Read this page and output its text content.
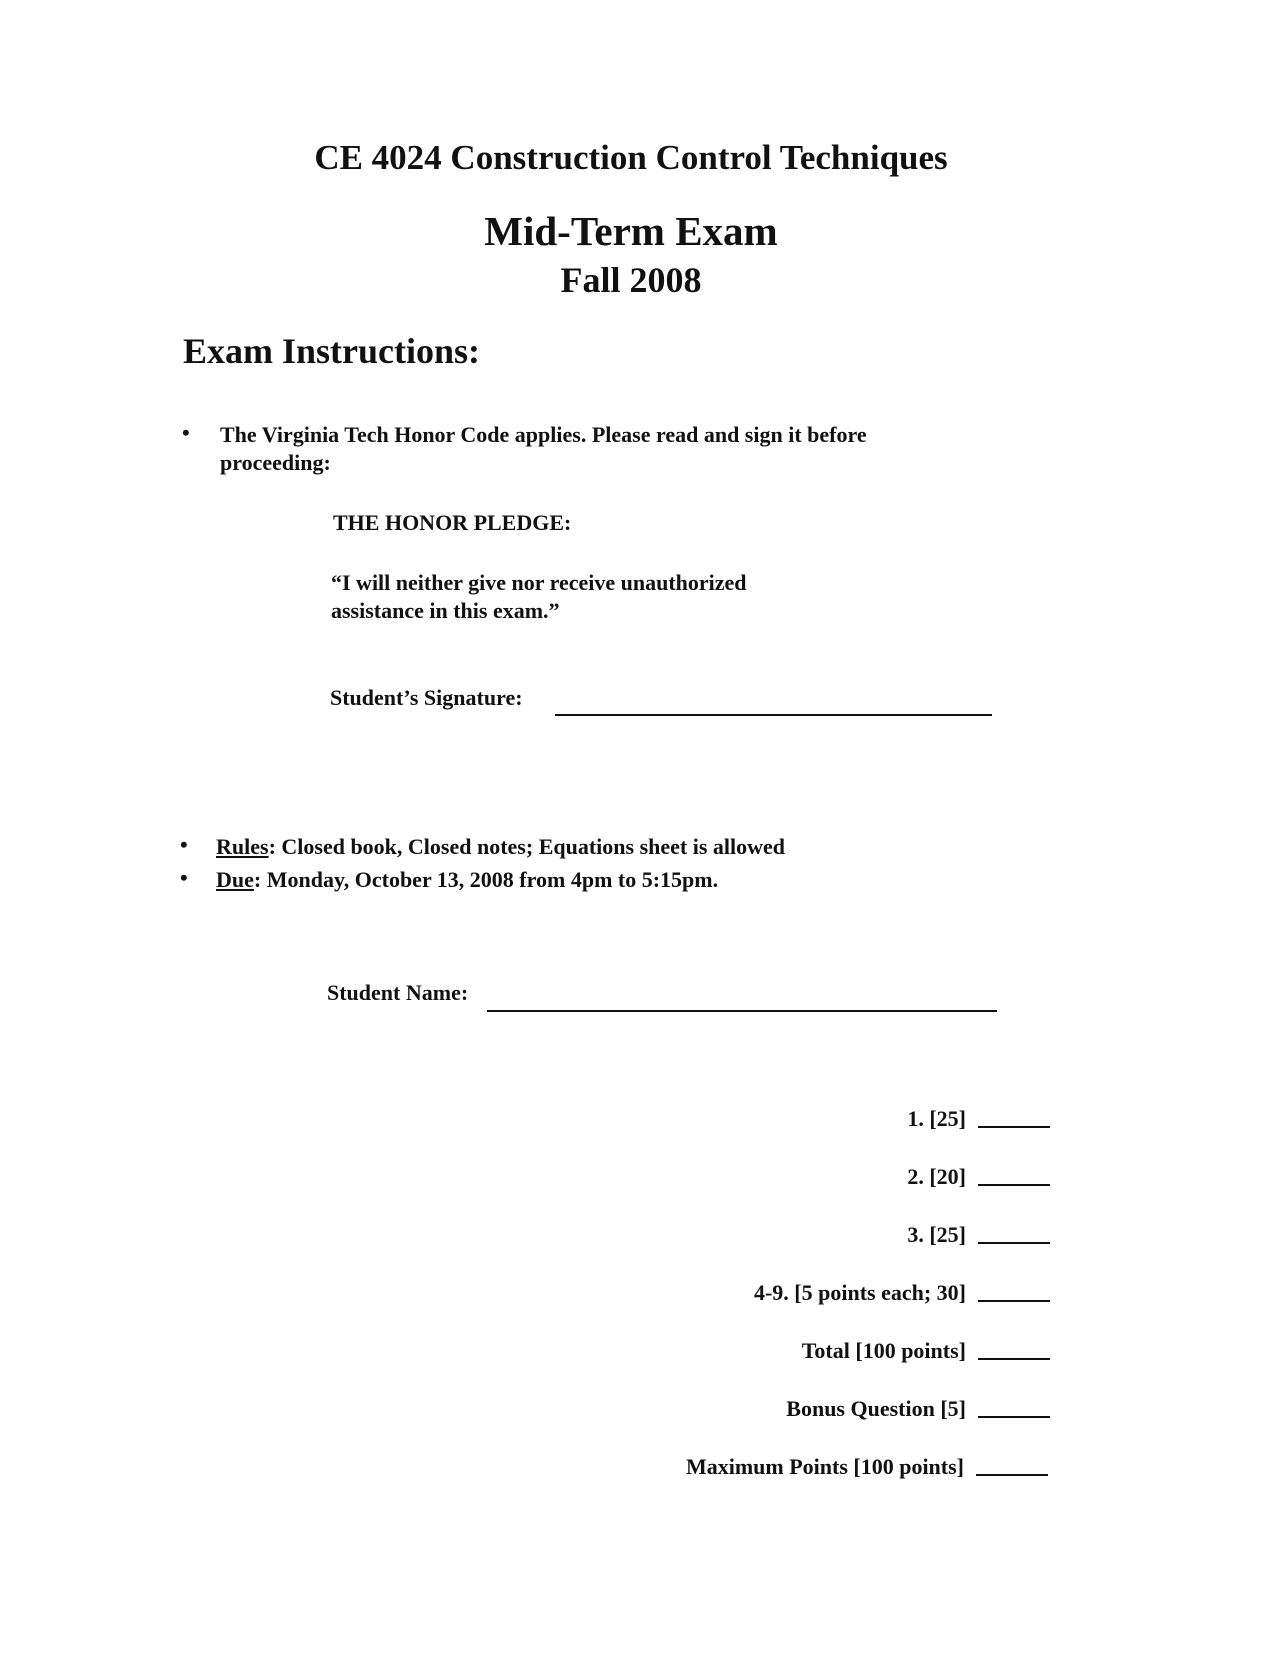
CE 4024 Construction Control Techniques
Mid-Term Exam
Fall 2008
Exam Instructions:
• The Virginia Tech Honor Code applies. Please read and sign it before
proceeding:
THE HONOR PLEDGE:
“I will neither give nor receive unauthorized
assistance in this exam.”
Student’s Signature:
• Rules: Closed book, Closed notes; Equations sheet is allowed
• Due: Monday, October 13, 2008 from 4pm to 5:15pm.
Student Name:
1. [25]
2. [20]
3. [25]
4-9. [5 points each; 30]
Total [100 points]
Bonus Question [5]
Maximum Points [100 points]
